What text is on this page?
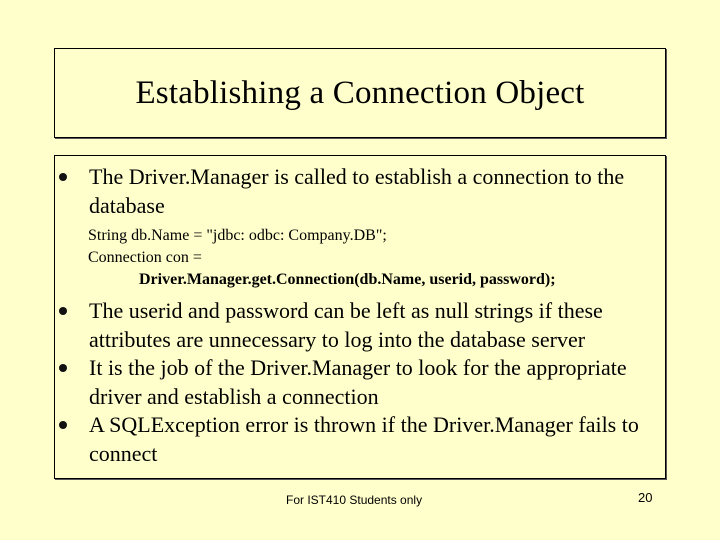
Establishing a Connection Object
The Driver.Manager is called to establish a connection to the database
String db.Name = "jdbc: odbc: Company.DB";
Connection con =
Driver.Manager.get.Connection(db.Name, userid, password);
The userid and password can be left as null strings if these attributes are unnecessary to log into the database server
It is the job of the Driver.Manager to look for the appropriate driver and establish a connection
A SQLException error is thrown if the Driver.Manager fails to connect
For IST410 Students only	20
